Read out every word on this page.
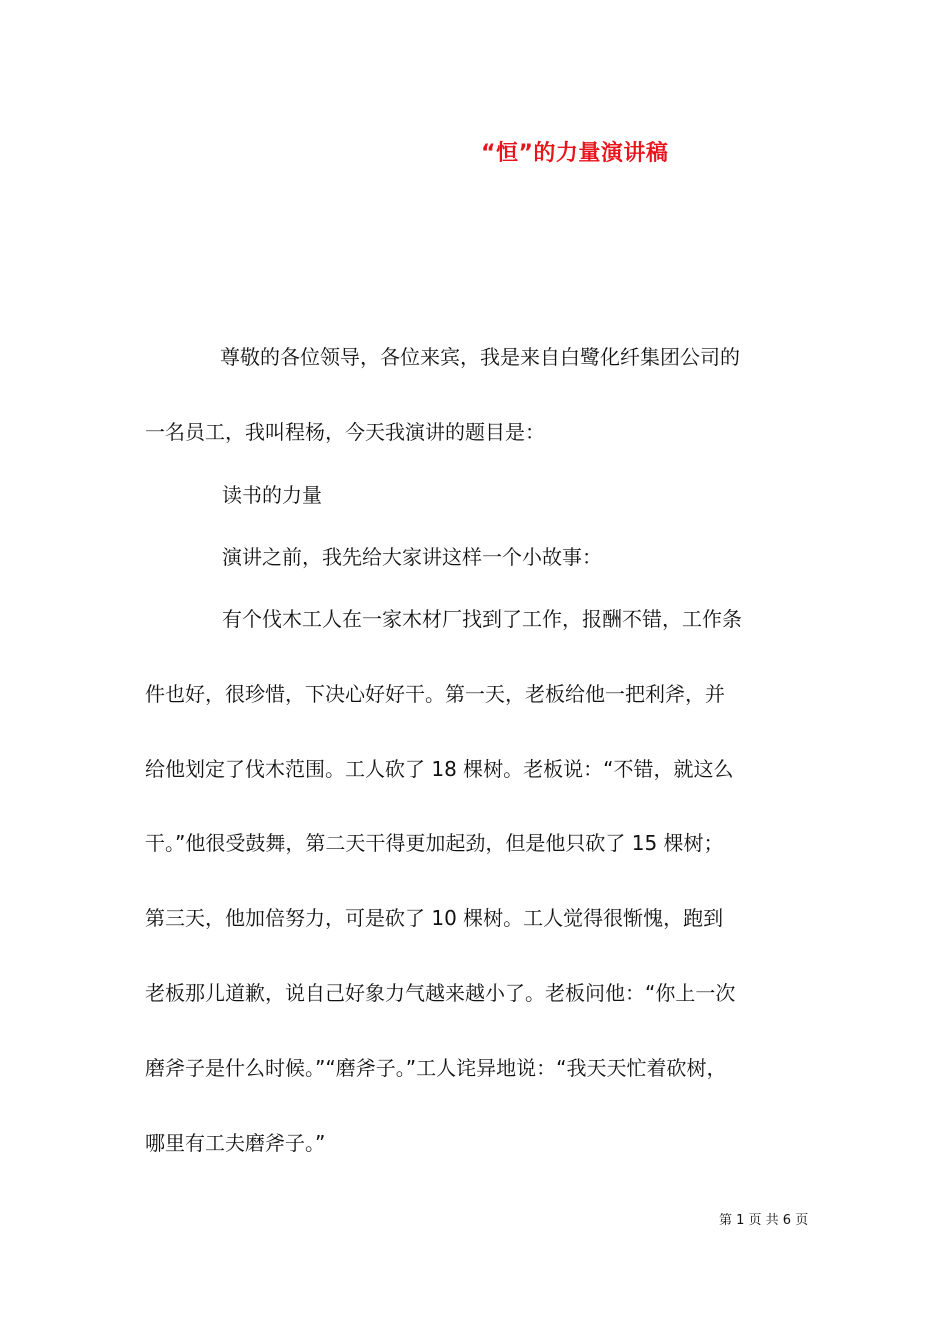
“恒”的力量演讲稿
尊敬的各位领导，各位来宾，我是来自白鹭化纤集团公司的
一名员工，我叫程杨，今天我演讲的题目是：
读书的力量
演讲之前，我先给大家讲这样一个小故事：
有个伐木工人在一家木材厂找到了工作，报酬不错，工作条
件也好，很珍惜，下决心好好干。第一天，老板给他一把利斧，并
给他划定了伐木范围。工人砍了 18 棵树。老板说：“不错，就这么
干。”他很受鼓舞，第二天干得更加起劲，但是他只砍了 15 棵树；
第三天，他加倍努力，可是砍了 10 棵树。工人觉得很惭愧，跑到
老板那儿道歉，说自己好象力气越来越小了。老板问他：“你上一次
磨斧子是什么时候。”“磨斧子。”工人诧异地说：“我天天忙着砍树，
哪里有工夫磨斧子。”
第 1 页 共 6 页
